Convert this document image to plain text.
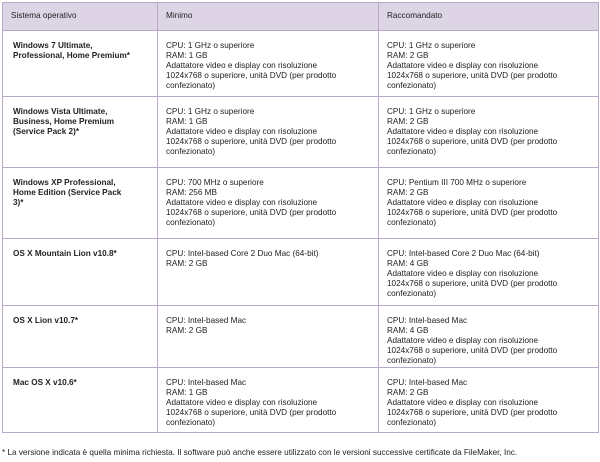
Sistema operativo	Minimo	Raccomandato

Windows 7 Ultimate,
Professional, Home Premium*	CPU: 1 GHz o superiore
RAM: 1 GB
Adattatore video e display con risoluzione
1024x768 o superiore, unità DVD (per prodotto
confezionato)	CPU: 1 GHz o superiore
RAM: 2 GB
Adattatore video e display con risoluzione
1024x768 o superiore, unità DVD (per prodotto
confezionato)

Windows Vista Ultimate,
Business, Home Premium
(Service Pack 2)*	CPU: 1 GHz o superiore
RAM: 1 GB
Adattatore video e display con risoluzione
1024x768 o superiore, unità DVD (per prodotto
confezionato)	CPU: 1 GHz o superiore
RAM: 2 GB
Adattatore video e display con risoluzione
1024x768 o superiore, unità DVD (per prodotto
confezionato)

Windows XP Professional,
Home Edition (Service Pack
3)*	CPU: 700 MHz o superiore
RAM: 256 MB
Adattatore video e display con risoluzione
1024x768 o superiore, unità DVD (per prodotto
confezionato)	CPU: Pentium III 700 MHz o superiore
RAM: 2 GB
Adattatore video e display con risoluzione
1024x768 o superiore, unità DVD (per prodotto
confezionato)

OS X Mountain Lion v10.8*	CPU: Intel-based Core 2 Duo Mac (64-bit)
RAM: 2 GB	CPU: Intel-based Core 2 Duo Mac (64-bit)
RAM: 4 GB
Adattatore video e display con risoluzione
1024x768 o superiore, unità DVD (per prodotto
confezionato)

OS X Lion v10.7*	CPU: Intel-based Mac
RAM: 2 GB	CPU: Intel-based Mac
RAM: 4 GB
Adattatore video e display con risoluzione
1024x768 o superiore, unità DVD (per prodotto
confezionato)

Mac OS X v10.6*	CPU: Intel-based Mac
RAM: 1 GB
Adattatore video e display con risoluzione
1024x768 o superiore, unità DVD (per prodotto
confezionato)	CPU: Intel-based Mac
RAM: 2 GB
Adattatore video e display con risoluzione
1024x768 o superiore, unità DVD (per prodotto
confezionato)
* La versione indicata è quella minima richiesta. Il software può anche essere utilizzato con le versioni successive certificate da FileMaker, Inc.
